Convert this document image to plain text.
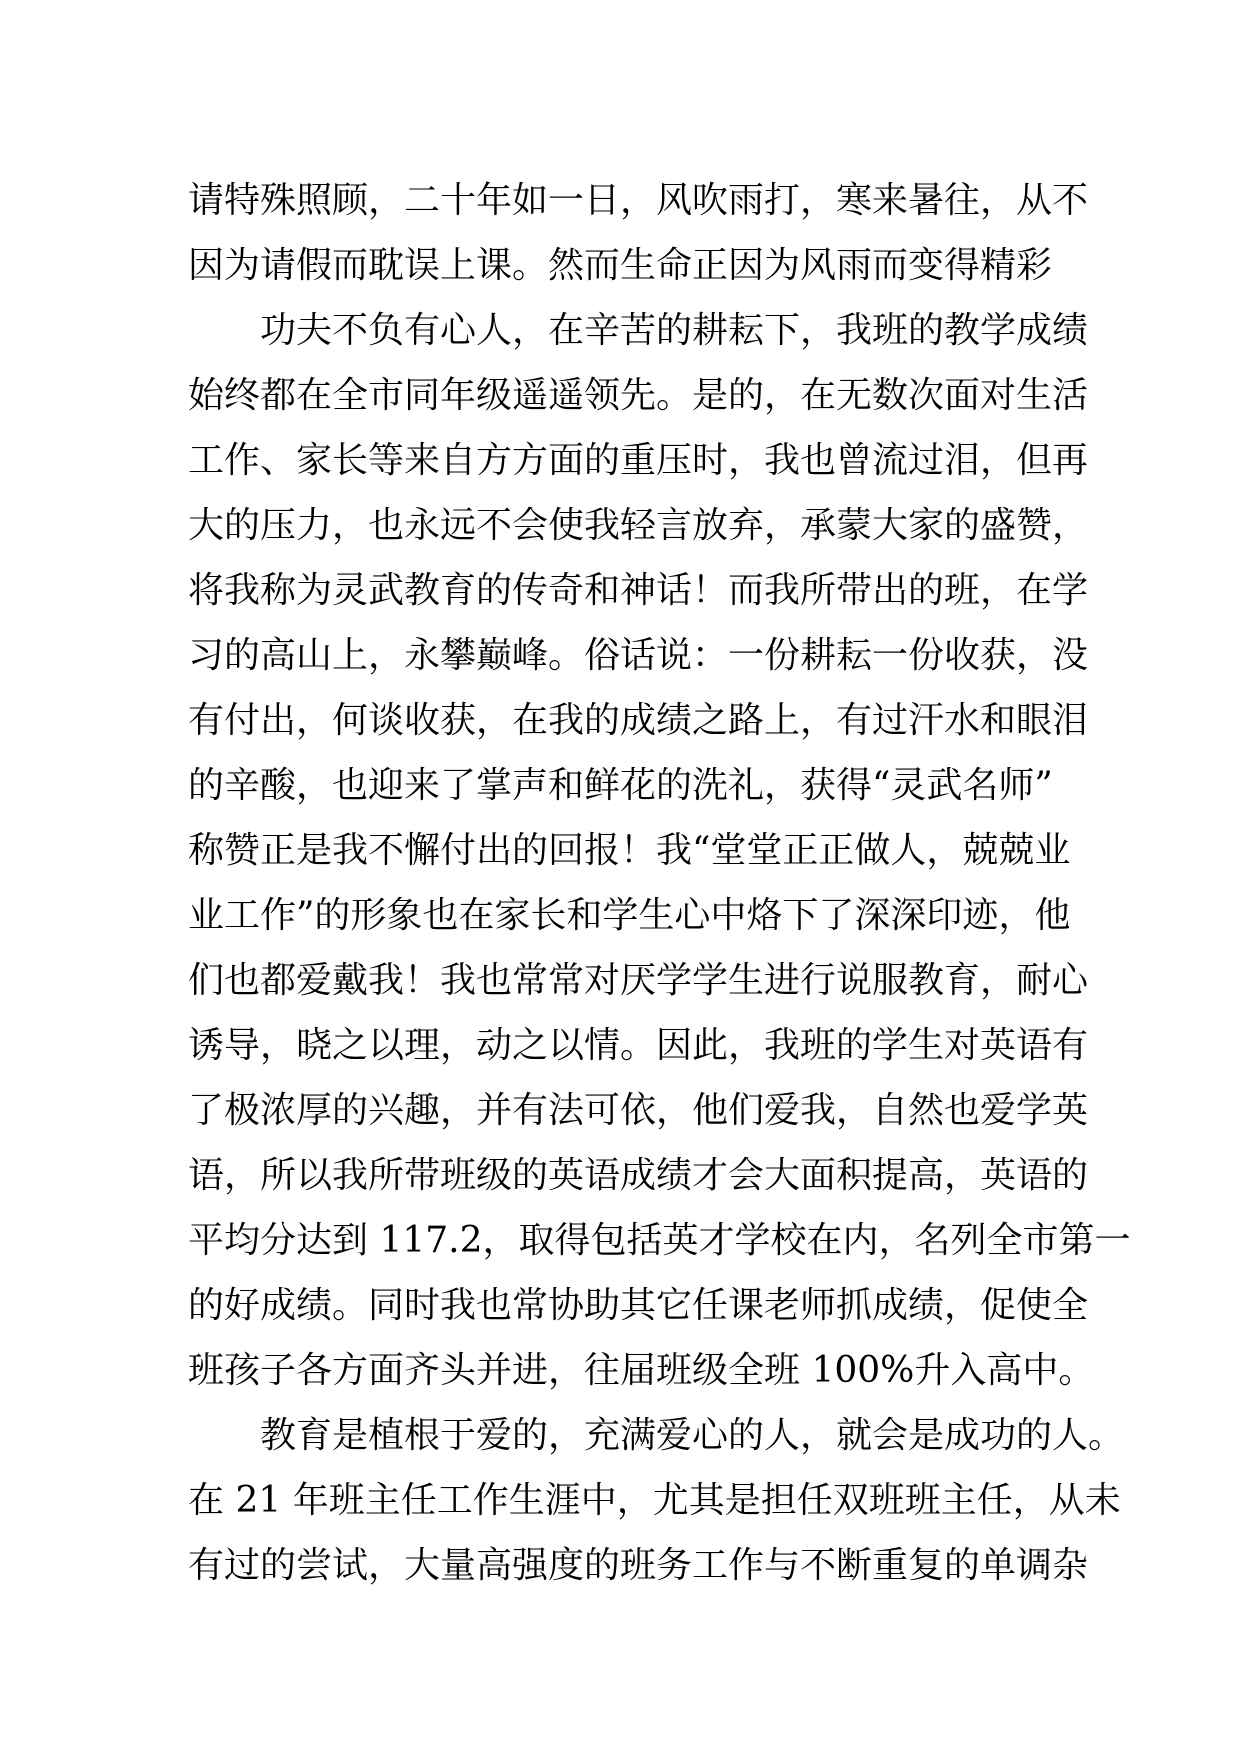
请特殊照顾，二十年如一日，风吹雨打，寒来暑往，从不
因为请假而耽误上课。然而生命正因为风雨而变得精彩
功夫不负有心人，在辛苦的耕耘下，我班的教学成绩
始终都在全市同年级遥遥领先。是的，在无数次面对生活
工作、家长等来自方方面的重压时，我也曾流过泪，但再
大的压力，也永远不会使我轻言放弃，承蒙大家的盛赞，
将我称为灵武教育的传奇和神话！而我所带出的班，在学
习的高山上，永攀巅峰。俗话说：一份耕耘一份收获，没
有付出，何谈收获，在我的成绩之路上，有过汗水和眼泪
的辛酸，也迎来了掌声和鲜花的洗礼，获得“灵武名师”
称赞正是我不懈付出的回报！我“堂堂正正做人，兢兢业
业工作”的形象也在家长和学生心中烙下了深深印迹，他
们也都爱戴我！我也常常对厌学学生进行说服教育，耐心
诱导，晓之以理，动之以情。因此，我班的学生对英语有
了极浓厚的兴趣，并有法可依，他们爱我，自然也爱学英
语，所以我所带班级的英语成绩才会大面积提高，英语的
平均分达到 117.2，取得包括英才学校在内，名列全市第一
的好成绩。同时我也常协助其它任课老师抓成绩，促使全
班孩子各方面齐头并进，往届班级全班 100%升入高中。
教育是植根于爱的，充满爱心的人，就会是成功的人。
在 21 年班主任工作生涯中，尤其是担任双班班主任，从未
有过的尝试，大量高强度的班务工作与不断重复的单调杂
